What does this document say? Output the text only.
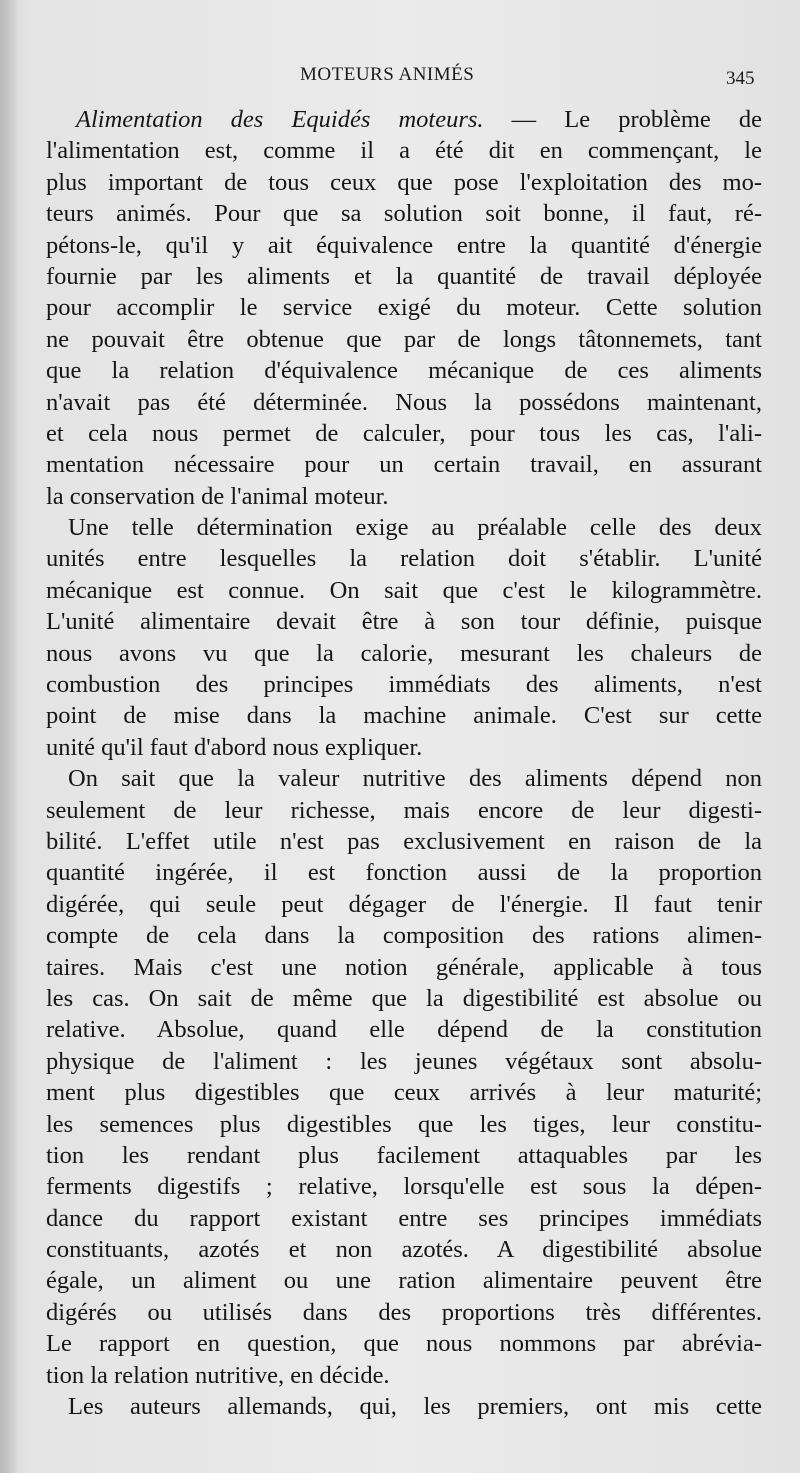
MOTEURS ANIMÉS	345
Alimentation des Equidés moteurs. — Le problème de
l'alimentation est, comme il a été dit en commençant, le
plus important de tous ceux que pose l'exploitation des mo-
teurs animés. Pour que sa solution soit bonne, il faut, ré-
pétons-le, qu'il y ait équivalence entre la quantité d'énergie
fournie par les aliments et la quantité de travail déployée
pour accomplir le service exigé du moteur. Cette solution
ne pouvait être obtenue que par de longs tâtonnemets, tant
que la relation d'équivalence mécanique de ces aliments
n'avait pas été déterminée. Nous la possédons maintenant,
et cela nous permet de calculer, pour tous les cas, l'ali-
mentation nécessaire pour un certain travail, en assurant
la conservation de l'animal moteur.
Une telle détermination exige au préalable celle des deux
unités entre lesquelles la relation doit s'établir. L'unité
mécanique est connue. On sait que c'est le kilogrammètre.
L'unité alimentaire devait être à son tour définie, puisque
nous avons vu que la calorie, mesurant les chaleurs de
combustion des principes immédiats des aliments, n'est
point de mise dans la machine animale. C'est sur cette
unité qu'il faut d'abord nous expliquer.
On sait que la valeur nutritive des aliments dépend non
seulement de leur richesse, mais encore de leur digesti-
bilité. L'effet utile n'est pas exclusivement en raison de la
quantité ingérée, il est fonction aussi de la proportion
digérée, qui seule peut dégager de l'énergie. Il faut tenir
compte de cela dans la composition des rations alimen-
taires. Mais c'est une notion générale, applicable à tous
les cas. On sait de même que la digestibilité est absolue ou
relative. Absolue, quand elle dépend de la constitution
physique de l'aliment : les jeunes végétaux sont absolu-
ment plus digestibles que ceux arrivés à leur maturité;
les semences plus digestibles que les tiges, leur constitu-
tion les rendant plus facilement attaquables par les
ferments digestifs ; relative, lorsqu'elle est sous la dépen-
dance du rapport existant entre ses principes immédiats
constituants, azotés et non azotés. A digestibilité absolue
égale, un aliment ou une ration alimentaire peuvent être
digérés ou utilisés dans des proportions très différentes.
Le rapport en question, que nous nommons par abrévia-
tion la relation nutritive, en décide.
Les auteurs allemands, qui, les premiers, ont mis cette
